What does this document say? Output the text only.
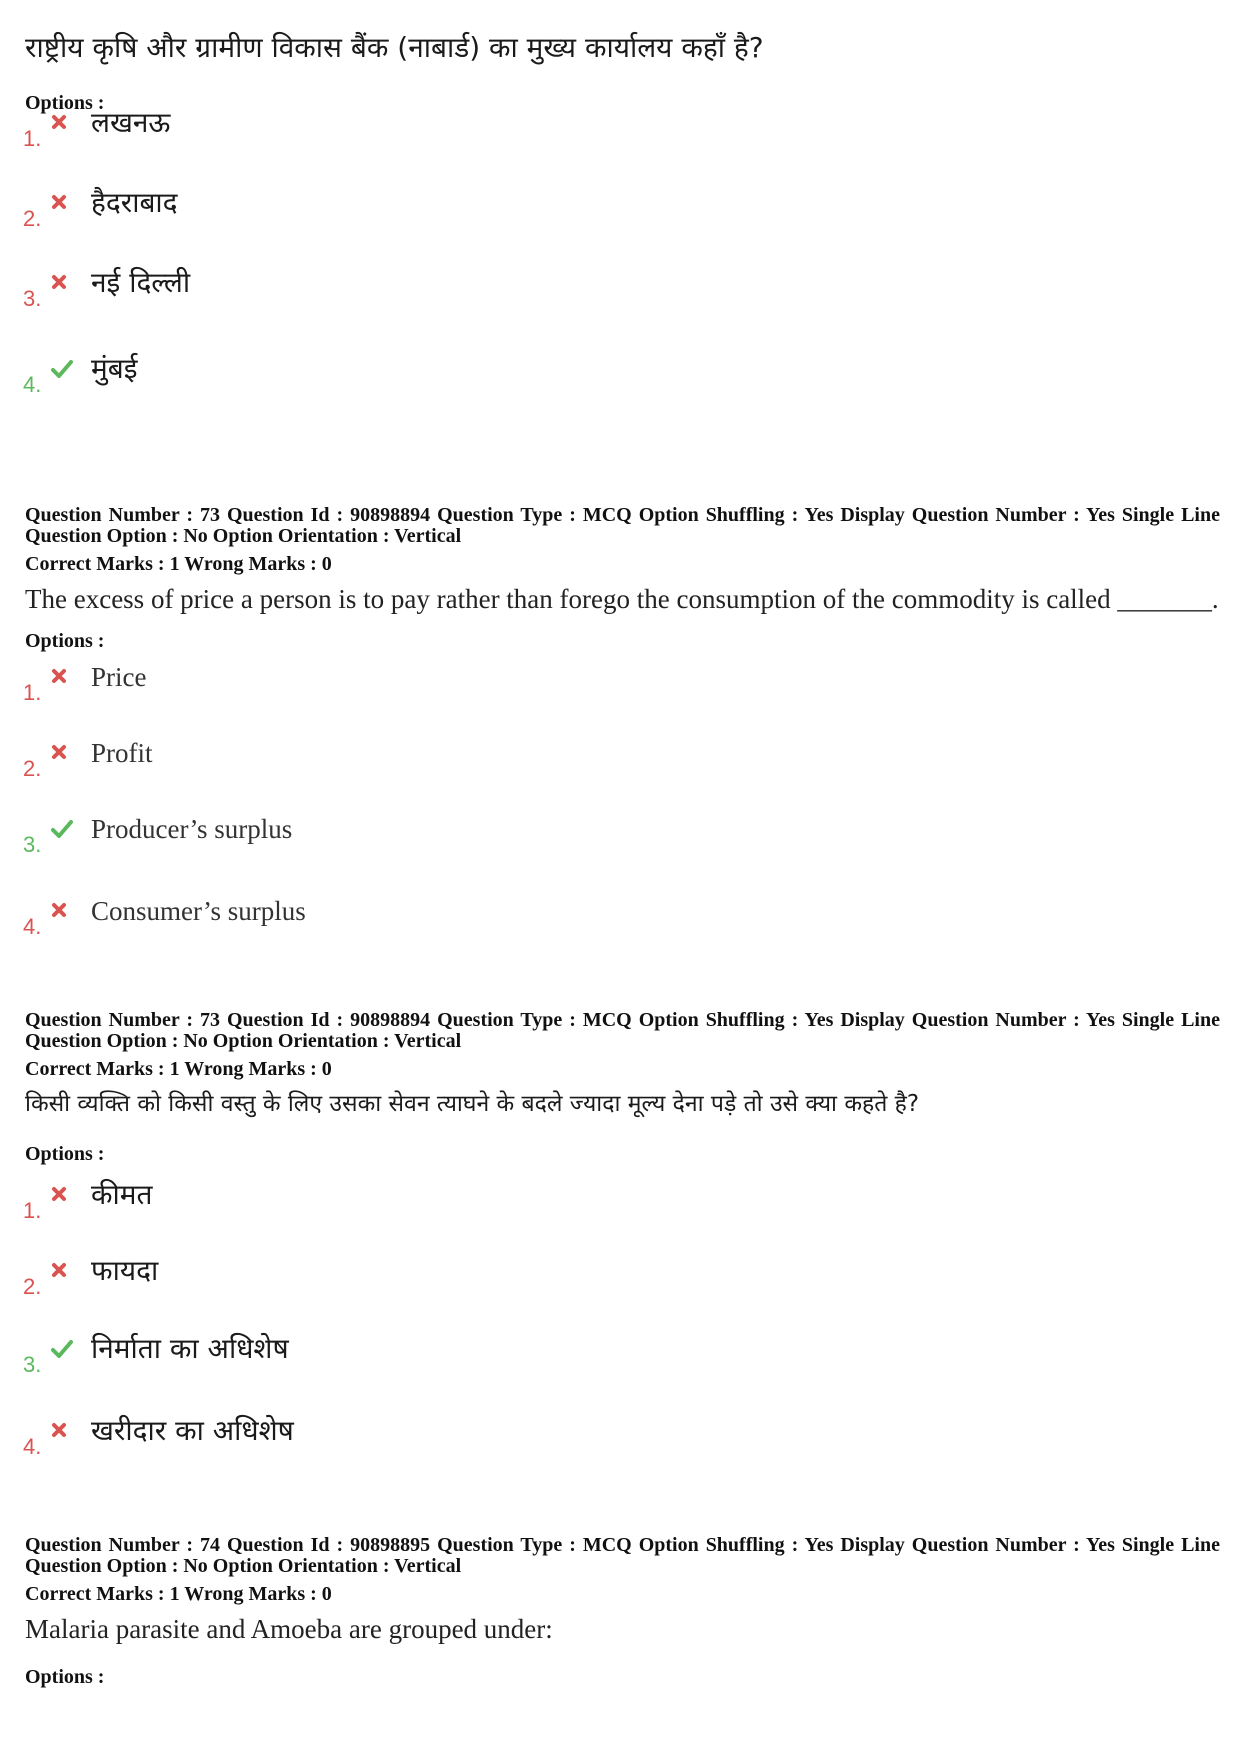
राष्ट्रीय कृषि और ग्रामीण विकास बैंक (नाबार्ड) का मुख्य कार्यालय कहाँ है?
Options :
1. लखनऊ
2. हैदराबाद
3. नई दिल्ली
4. मुंबई

Question Number : 73 Question Id : 90898894 Question Type : MCQ Option Shuffling : Yes Display Question Number : Yes Single Line Question Option : No Option Orientation : Vertical

Correct Marks : 1 Wrong Marks : 0
The excess of price a person is to pay rather than forego the consumption of the commodity is called _______.
Options :
1.
Price
2.
Profit
3.
Producer’s surplus
4.
Consumer’s surplus

Question Number : 73 Question Id : 90898894 Question Type : MCQ Option Shuffling : Yes Display Question Number : Yes Single Line Question Option : No Option Orientation : Vertical

Correct Marks : 1 Wrong Marks : 0
किसी व्यक्ति को किसी वस्तु के लिए उसका सेवन त्याघने के बदले ज्यादा मूल्य देना पड़े तो उसे क्या कहते है?
Options :
1. कीमत
2. फायदा
3. निर्माता का अधिशेष
4. खरीदार का अधिशेष

Question Number : 74 Question Id : 90898895 Question Type : MCQ Option Shuffling : Yes Display Question Number : Yes Single Line Question Option : No Option Orientation : Vertical

Correct Marks : 1 Wrong Marks : 0
Malaria parasite and Amoeba are grouped under:
Options :
